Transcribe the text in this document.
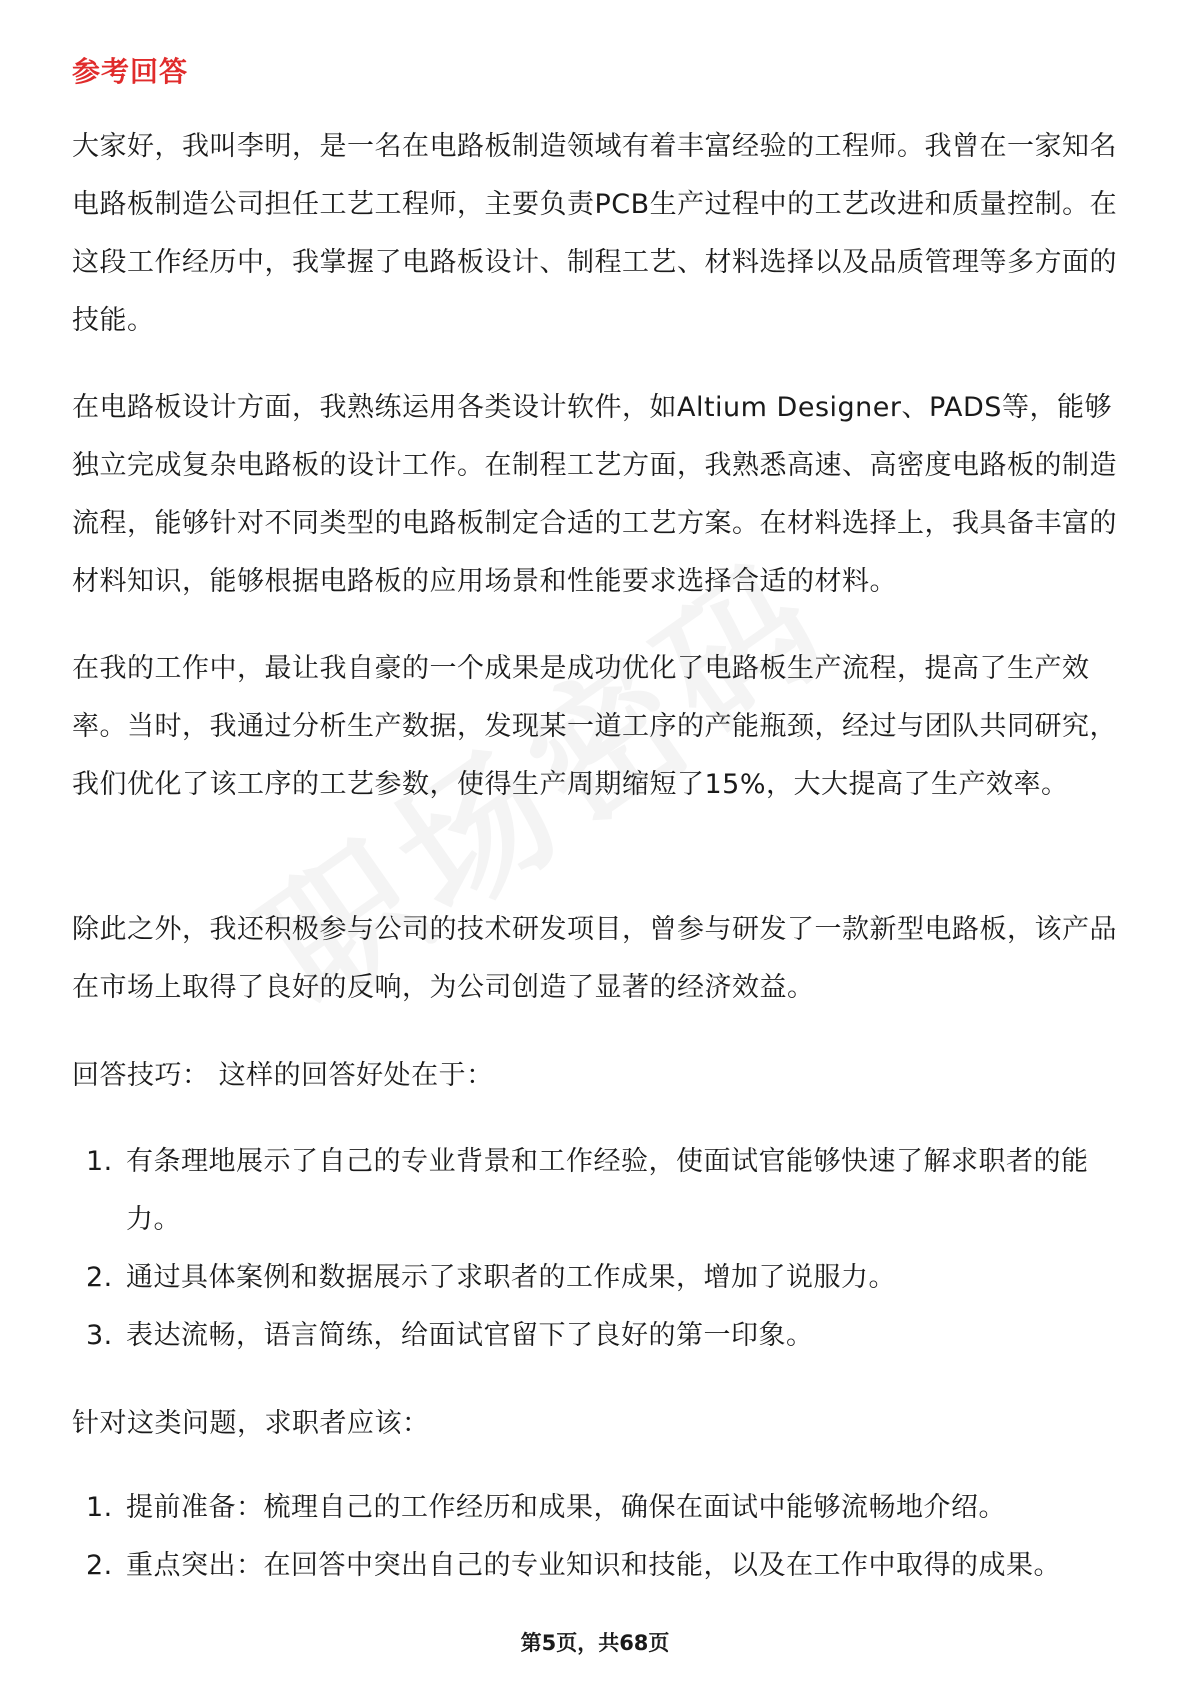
参考回答

大家好，我叫李明，是一名在电路板制造领域有着丰富经验的工程师。我曾在一家知名电路板制造公司担任工艺工程师，主要负责PCB生产过程中的工艺改进和质量控制。在这段工作经历中，我掌握了电路板设计、制程工艺、材料选择以及品质管理等多方面的技能。

在电路板设计方面，我熟练运用各类设计软件，如Altium Designer、PADS等，能够独立完成复杂电路板的设计工作。在制程工艺方面，我熟悉高速、高密度电路板的制造流程，能够针对不同类型的电路板制定合适的工艺方案。在材料选择上，我具备丰富的材料知识，能够根据电路板的应用场景和性能要求选择合适的材料。

在我的工作中，最让我自豪的一个成果是成功优化了电路板生产流程，提高了生产效率。当时，我通过分析生产数据，发现某一道工序的产能瓶颈，经过与团队共同研究，我们优化了该工序的工艺参数，使得生产周期缩短了15%，大大提高了生产效率。

除此之外，我还积极参与公司的技术研发项目，曾参与研发了一款新型电路板，该产品在市场上取得了良好的反响，为公司创造了显著的经济效益。

回答技巧： 这样的回答好处在于：

1. 有条理地展示了自己的专业背景和工作经验，使面试官能够快速了解求职者的能力。
2. 通过具体案例和数据展示了求职者的工作成果，增加了说服力。
3. 表达流畅，语言简练，给面试官留下了良好的第一印象。

针对这类问题，求职者应该：

1. 提前准备：梳理自己的工作经历和成果，确保在面试中能够流畅地介绍。
2. 重点突出：在回答中突出自己的专业知识和技能，以及在工作中取得的成果。
第5页，共68页
